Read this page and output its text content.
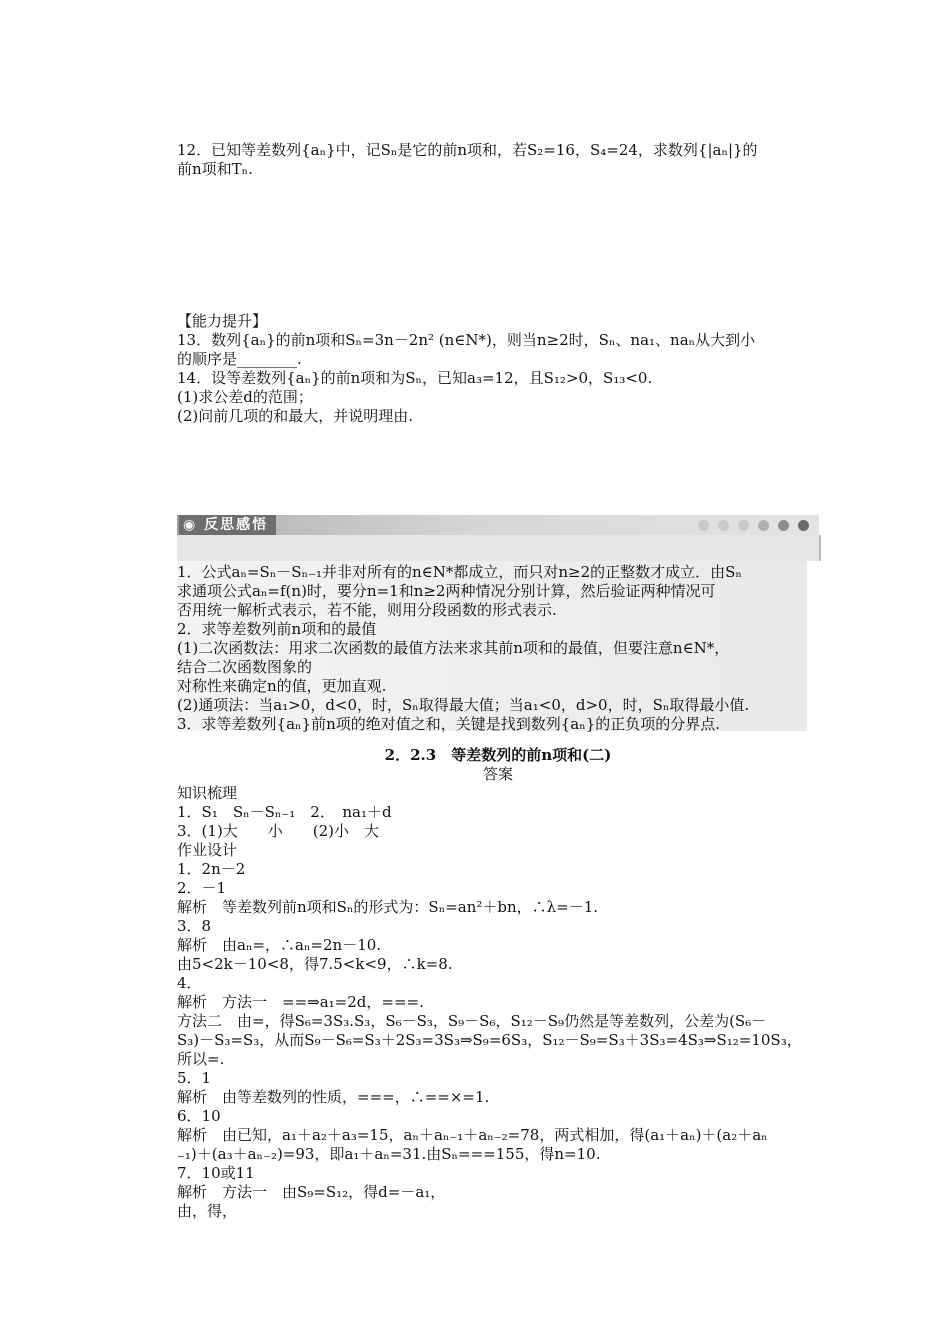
12．已知等差数列{aₙ}中，记Sₙ是它的前n项和，若S₂=16，S₄=24，求数列{|aₙ|}的
前n项和Tₙ.
【能力提升】
13．数列{aₙ}的前n项和Sₙ=3n－2n² (n∈N*)，则当n≥2时，Sₙ、na₁、naₙ从大到小
的顺序是________.
14．设等差数列{aₙ}的前n项和为Sₙ，已知a₃=12，且S₁₂>0，S₁₃<0.
(1)求公差d的范围；
(2)问前几项的和最大，并说明理由.
◉ 反思感悟
1．公式aₙ=Sₙ－Sₙ₋₁并非对所有的n∈N*都成立，而只对n≥2的正整数才成立．由Sₙ
求通项公式aₙ=f(n)时，要分n=1和n≥2两种情况分别计算，然后验证两种情况可
否用统一解析式表示，若不能，则用分段函数的形式表示.
2．求等差数列前n项和的最值
(1)二次函数法：用求二次函数的最值方法来求其前n项和的最值，但要注意n∈N*，
结合二次函数图象的
对称性来确定n的值，更加直观.
(2)通项法：当a₁>0，d<0，时，Sₙ取得最大值；当a₁<0，d>0，时，Sₙ取得最小值.
3．求等差数列{aₙ}前n项的绝对值之和，关键是找到数列{aₙ}的正负项的分界点.
2．2.3　等差数列的前n项和(二)
答案
知识梳理
1．S₁　Sₙ－Sₙ₋₁　2．　na₁＋d
3．(1)大　　小　　(2)小　大
作业设计
1．2n－2
2．－1
解析　等差数列前n项和Sₙ的形式为：Sₙ=an²＋bn，∴λ=－1.
3．8
解析　由aₙ=，∴aₙ=2n－10.
由5<2k－10<8，得7.5<k<9，∴k=8.
4．
解析　方法一　==⇒a₁=2d，===.
方法二　由=，得S₆=3S₃.S₃，S₆－S₃，S₉－S₆，S₁₂－S₉仍然是等差数列，公差为(S₆－
S₃)－S₃=S₃，从而S₉－S₆=S₃＋2S₃=3S₃⇒S₉=6S₃，S₁₂－S₉=S₃＋3S₃=4S₃⇒S₁₂=10S₃，
所以=.
5．1
解析　由等差数列的性质，===，∴==×=1.
6．10
解析　由已知，a₁＋a₂＋a₃=15，aₙ＋aₙ₋₁＋aₙ₋₂=78，两式相加，得(a₁＋aₙ)＋(a₂＋aₙ
₋₁)＋(a₃＋aₙ₋₂)=93，即a₁＋aₙ=31.由Sₙ===155，得n=10.
7．10或11
解析　方法一　由S₉=S₁₂，得d=－a₁，
由，得，
